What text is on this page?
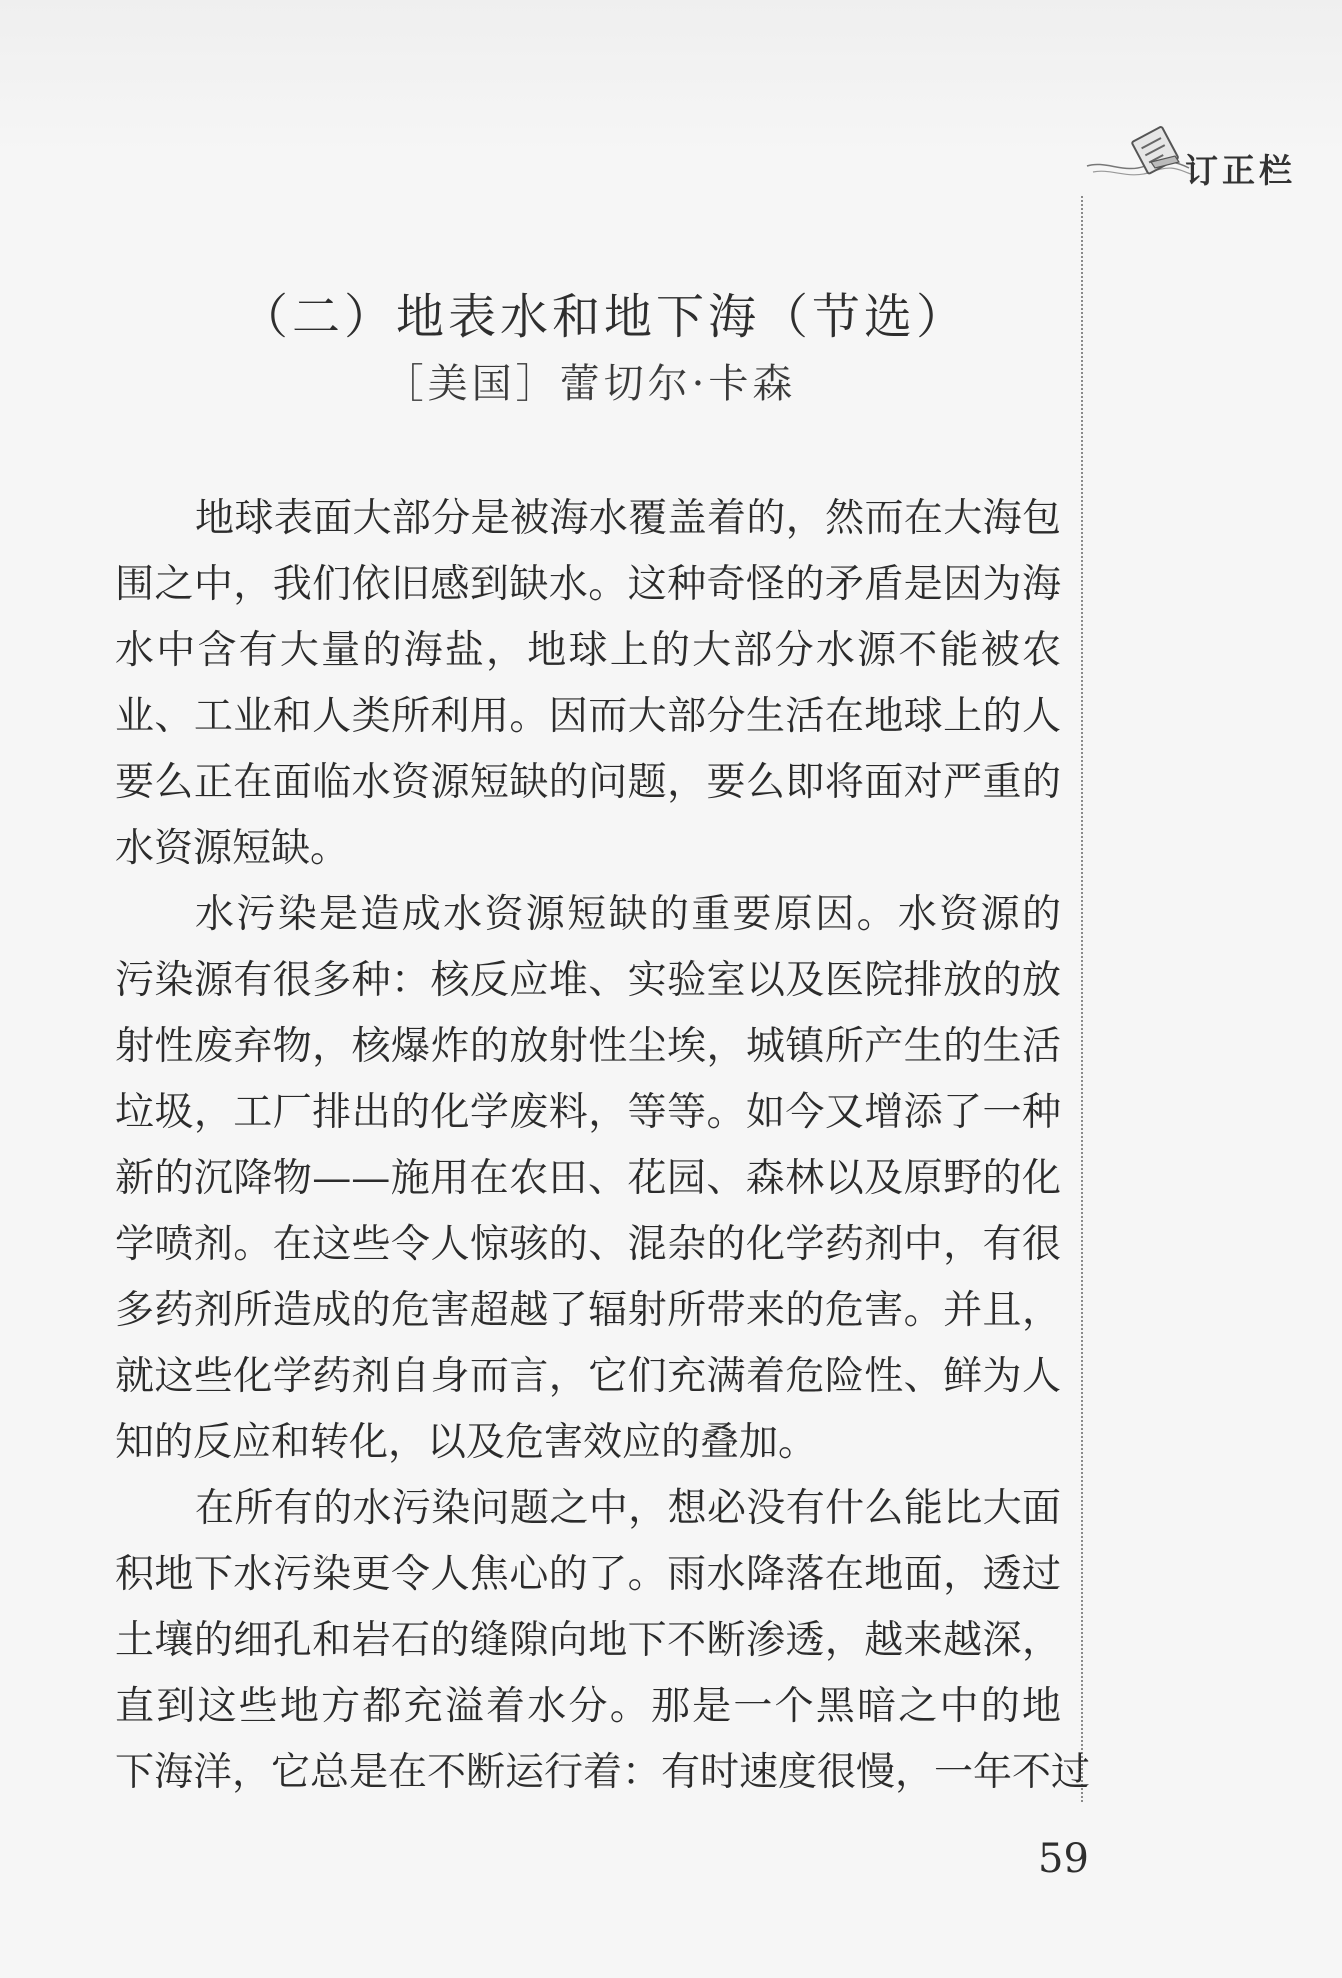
订正栏
（二）地表水和地下海（节选）
［美国］蕾切尔·卡森
地球表面大部分是被海水覆盖着的，然而在大海包
围之中，我们依旧感到缺水。这种奇怪的矛盾是因为海
水中含有大量的海盐，地球上的大部分水源不能被农
业、工业和人类所利用。因而大部分生活在地球上的人
要么正在面临水资源短缺的问题，要么即将面对严重的
水资源短缺。
水污染是造成水资源短缺的重要原因。水资源的
污染源有很多种：核反应堆、实验室以及医院排放的放
射性废弃物，核爆炸的放射性尘埃，城镇所产生的生活
垃圾，工厂排出的化学废料，等等。如今又增添了一种
新的沉降物——施用在农田、花园、森林以及原野的化
学喷剂。在这些令人惊骇的、混杂的化学药剂中，有很
多药剂所造成的危害超越了辐射所带来的危害。并且，
就这些化学药剂自身而言，它们充满着危险性、鲜为人
知的反应和转化，以及危害效应的叠加。
在所有的水污染问题之中，想必没有什么能比大面
积地下水污染更令人焦心的了。雨水降落在地面，透过
土壤的细孔和岩石的缝隙向地下不断渗透，越来越深，
直到这些地方都充溢着水分。那是一个黑暗之中的地
下海洋，它总是在不断运行着：有时速度很慢，一年不过
59
